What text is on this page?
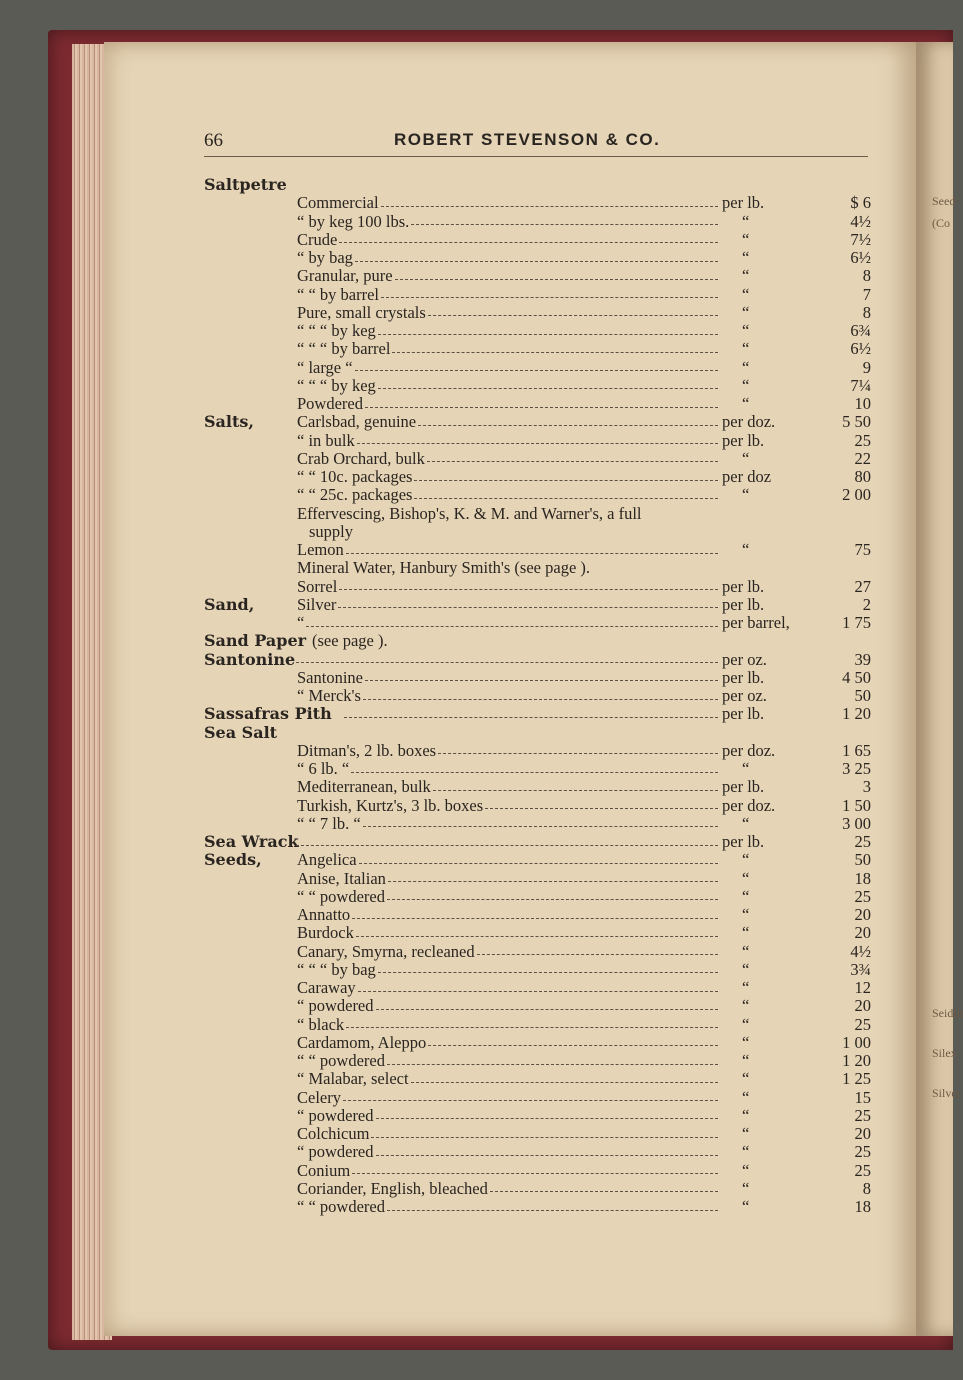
Seed
(Co
Seidlit
Silex
Silver
66	ROBERT STEVENSON & CO.
Saltpetre
Commercial	per lb.	$ 6
“ by keg 100 lbs.	“	4½
Crude	“	7½
“ by bag	“	6½
Granular, pure	“	8
“ “ by barrel	“	7
Pure, small crystals	“	8
“ “ “ by keg	“	6¾
“ “ “ by barrel	“	6½
“ large “	“	9
“ “ “ by keg	“	7¼
Powdered	“	10
Salts,	Carlsbad, genuine	per doz.	5 50
“ in bulk	per lb.	25
Crab Orchard, bulk	“	22
“ “ 10c. packages	per doz	80
“ “ 25c. packages	“	2 00
Effervescing, Bishop's, K. & M. and Warner's, a full
supply
Lemon	“	75
Mineral Water, Hanbury Smith's (see page ).
Sorrel	per lb.	27
Sand,	Silver	per lb.	2
“	per barrel,	1 75
Sand Paper (see page ).
Santonine	per oz.	39
Santonine	per lb.	4 50
“ Merck's	per oz.	50
Sassafras Pith	per lb.	1 20
Sea Salt
Ditman's, 2 lb. boxes	per doz.	1 65
“ 6 lb. “	“	3 25
Mediterranean, bulk	per lb.	3
Turkish, Kurtz's, 3 lb. boxes	per doz.	1 50
“ “ 7 lb. “	“	3 00
Sea Wrack	per lb.	25
Seeds, Angelica	“	50
Anise, Italian	“	18
“ “ powdered	“	25
Annatto	“	20
Burdock	“	20
Canary, Smyrna, recleaned	“	4½
“ “ “ by bag	“	3¾
Caraway	“	12
“ powdered	“	20
“ black	“	25
Cardamom, Aleppo	“	1 00
“ “ powdered	“	1 20
“ Malabar, select	“	1 25
Celery	“	15
“ powdered	“	25
Colchicum	“	20
“ powdered	“	25
Conium	“	25
Coriander, English, bleached	“	8
“ “ powdered	“	18
